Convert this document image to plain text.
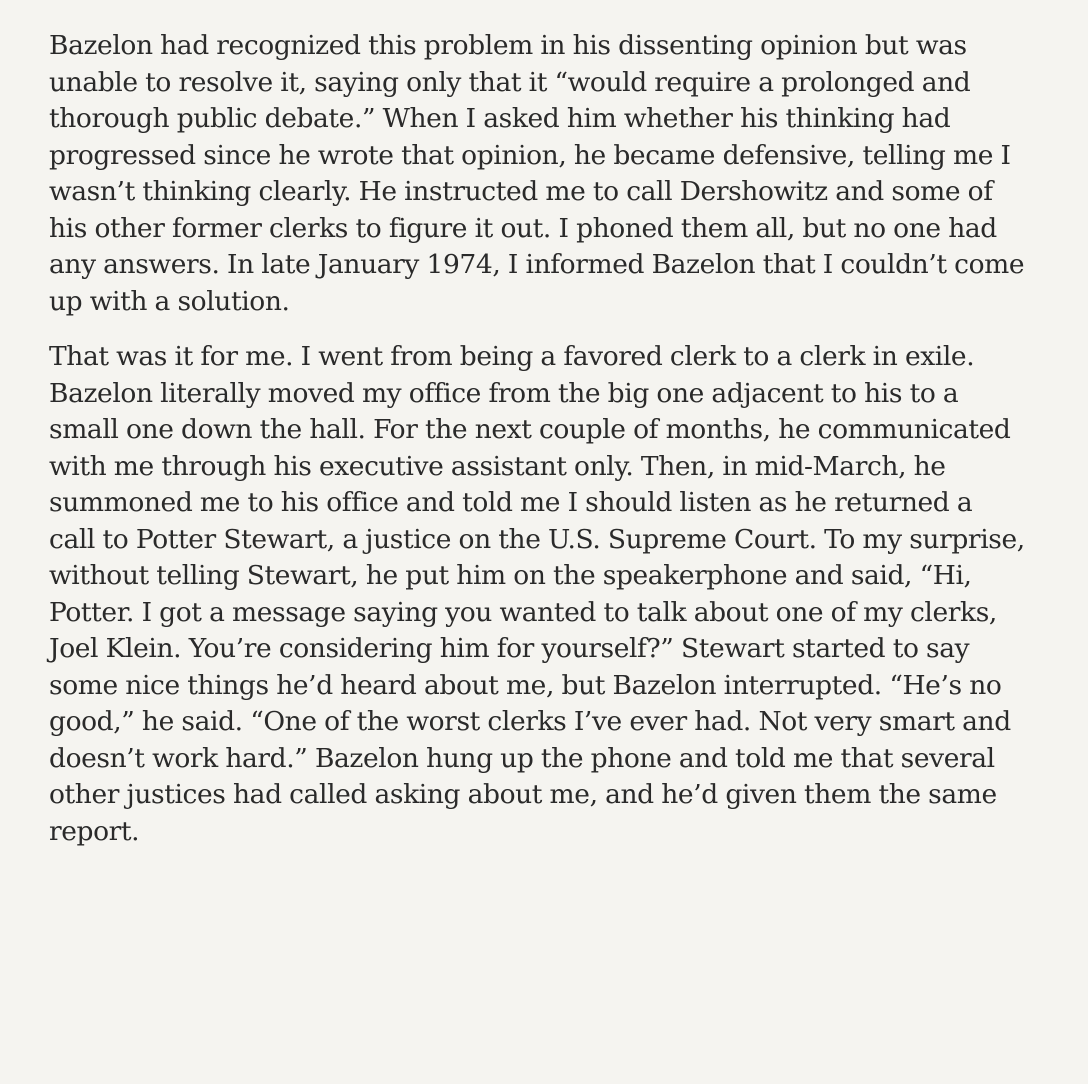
Bazelon had recognized this problem in his dissenting opinion but was
unable to resolve it, saying only that it “would require a prolonged and
thorough public debate.” When I asked him whether his thinking had
progressed since he wrote that opinion, he became defensive, telling me I
wasn’t thinking clearly. He instructed me to call Dershowitz and some of
his other former clerks to figure it out. I phoned them all, but no one had
any answers. In late January 1974, I informed Bazelon that I couldn’t come
up with a solution.

That was it for me. I went from being a favored clerk to a clerk in exile.
Bazelon literally moved my office from the big one adjacent to his to a
small one down the hall. For the next couple of months, he communicated
with me through his executive assistant only. Then, in mid-March, he
summoned me to his office and told me I should listen as he returned a
call to Potter Stewart, a justice on the U.S. Supreme Court. To my surprise,
without telling Stewart, he put him on the speakerphone and said, “Hi,
Potter. I got a message saying you wanted to talk about one of my clerks,
Joel Klein. You’re considering him for yourself?” Stewart started to say
some nice things he’d heard about me, but Bazelon interrupted. “He’s no
good,” he said. “One of the worst clerks I’ve ever had. Not very smart and
doesn’t work hard.” Bazelon hung up the phone and told me that several
other justices had called asking about me, and he’d given them the same
report.
